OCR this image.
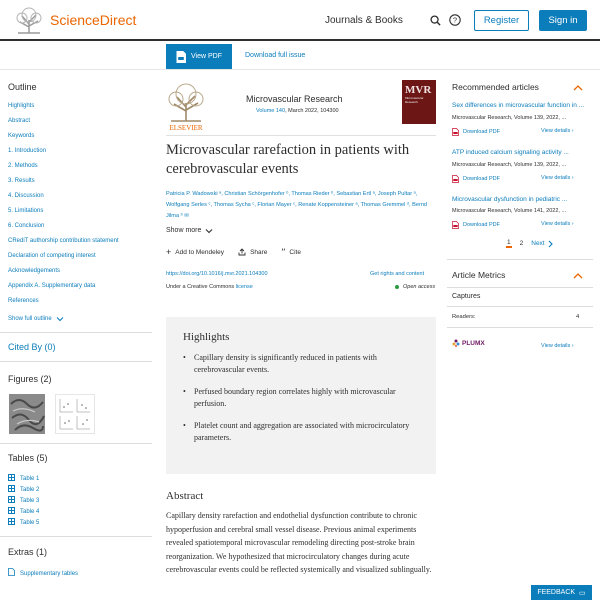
ScienceDirect	Journals & Books	?	Register	Sign in
View PDF	Download full issue
Outline
Highlights
Abstract
Keywords
1. Introduction
2. Methods
3. Results
4. Discussion
5. Limitations
6. Conclusion
CRediT authorship contribution statement
Declaration of competing interest
Acknowledgements
Appendix A. Supplementary data
References
Show full outline
Cited By (0)
Figures (2)
Tables (5)
Table 1
Table 2
Table 3
Table 4
Table 5
Extras (1)
Supplementary tables
ELSEVIER
Microvascular Research
Volume 140, March 2022, 104300
MVR
Microvascular Research
Microvascular rarefaction in patients with cerebrovascular events
Patricia P. Wadowski ᵃ, Christian Schörgenhofer ᵇ, Thomas Rieder ᵇ, Sebastian Ertl ᵃ, Joseph Pultar ᵃ, Wolfgang Serles ᶜ, Thomas Sycha ᶜ, Florian Mayer ᶜ, Renate Koppensteiner ᵃ, Thomas Gremmel ᵈ, Bernd Jilma ᵇ ✉
Show more
+ Add to Mendeley	Share ” Cite
https://doi.org/10.1016/j.mvr.2021.104300	Get rights and content
Under a Creative Commons license	Open access
Highlights
• Capillary density is significantly reduced in patients with cerebrovascular events.
• Perfused boundary region correlates highly with microvascular perfusion.
• Platelet count and aggregation are associated with microcirculatory parameters.
Abstract

Capillary density rarefaction and endothelial dysfunction contribute to chronic hypoperfusion and cerebral small vessel disease. Previous animal experiments revealed spatiotemporal microvascular remodeling directing post-stroke brain reorganization. We hypothesized that microcirculatory changes during acute cerebrovascular events could be reflected systemically and visualized sublingually.

Recommended articles
Sex differences in microvascular function in ...
Microvascular Research, Volume 139, 2022, ...
Download PDF	View details ›
ATP induced calcium signaling activity ...
Microvascular Research, Volume 139, 2022, ...
Download PDF	View details ›
Microvascular dysfunction in pediatric ...
Microvascular Research, Volume 141, 2022, ...
Download PDF	View details ›
1 2 Next
Article Metrics
Captures
Readers:	4
PLUMX	View details ›
FEEDBACK ▭
